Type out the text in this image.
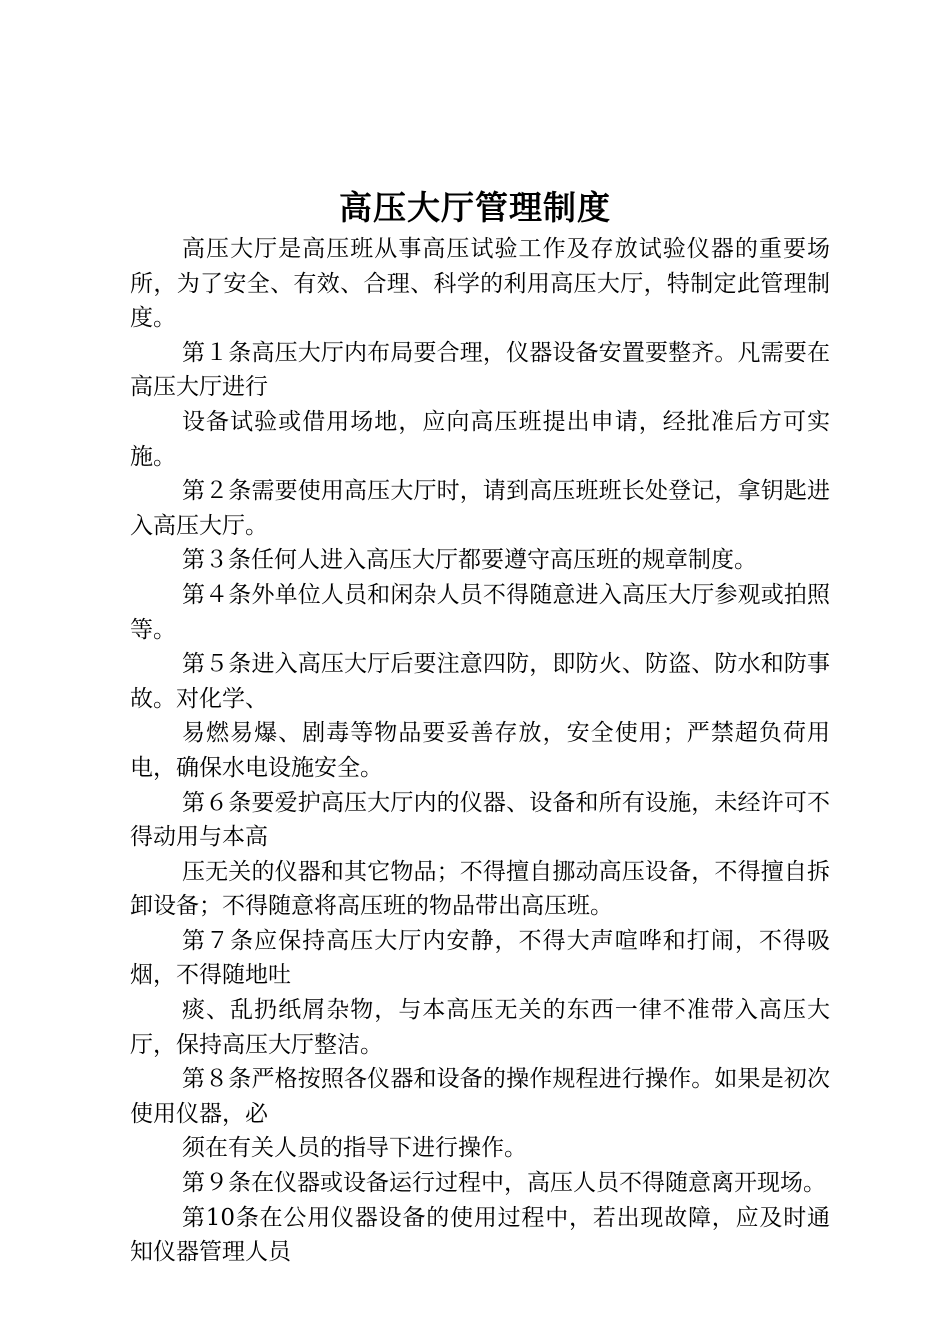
高压大厅管理制度

高压大厅是高压班从事高压试验工作及存放试验仪器的重要场所，为了安全、有效、合理、科学的利用高压大厅，特制定此管理制度。

第１条高压大厅内布局要合理，仪器设备安置要整齐。凡需要在高压大厅进行

设备试验或借用场地，应向高压班提出申请，经批准后方可实施。

第２条需要使用高压大厅时，请到高压班班长处登记，拿钥匙进入高压大厅。

第３条任何人进入高压大厅都要遵守高压班的规章制度。

第４条外单位人员和闲杂人员不得随意进入高压大厅参观或拍照等。

第５条进入高压大厅后要注意四防，即防火、防盗、防水和防事故。对化学、

易燃易爆、剧毒等物品要妥善存放，安全使用；严禁超负荷用电，确保水电设施安全。

第６条要爱护高压大厅内的仪器、设备和所有设施，未经许可不得动用与本高

压无关的仪器和其它物品；不得擅自挪动高压设备，不得擅自拆卸设备；不得随意将高压班的物品带出高压班。

第７条应保持高压大厅内安静，不得大声喧哗和打闹，不得吸烟，不得随地吐

痰、乱扔纸屑杂物，与本高压无关的东西一律不准带入高压大厅，保持高压大厅整洁。

第８条严格按照各仪器和设备的操作规程进行操作。如果是初次使用仪器，必

须在有关人员的指导下进行操作。

第９条在仪器或设备运行过程中，高压人员不得随意离开现场。

第10条在公用仪器设备的使用过程中，若出现故障，应及时通知仪器管理人员
